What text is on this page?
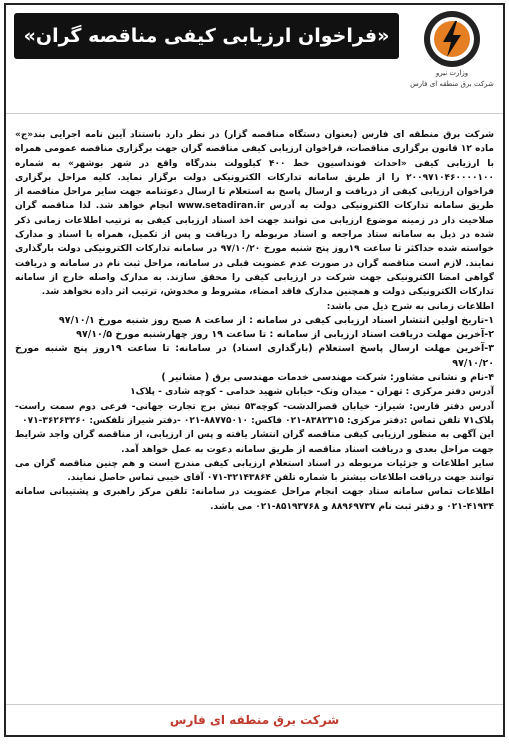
«فراخوان ارزیابی کیفی مناقصه گران»
وزارت نیرو
شرکت برق منطقه ای فارس

شرکت برق منطقه ای فارس (بعنوان دستگاه مناقصه گزار) در نظر دارد باستناد آیین نامه اجرایی بند«ج» ماده ۱۲ قانون برگزاری مناقصات، فراخوان ارزیابی کیفی مناقصه گران جهت برگزاری مناقصه عمومی همراه با ارزیابی کیفی «احداث فونداسیون خط ۴۰۰ کیلوولت بندرگاه واقع در شهر بوشهر» به شماره ۲۰۰۹۷۱۰۴۶۰۰۰۰۱۰۰ را از طریق سامانه تدارکات الکترونیکی دولت برگزار نماید. کلیه مراحل برگزاری فراخوان ارزیابی کیفی از دریافت و ارسال پاسخ به استعلام تا ارسال دعوتنامه جهت سایر مراحل مناقصه از طریق سامانه تدارکات الکترونیکی دولت به آدرس www.setadiran.ir انجام خواهد شد. لذا مناقصه گران صلاحیت دار در زمینه موضوع ارزیابی می توانند جهت اخذ اسناد ارزیابی کیفی به ترتیب اطلاعات زمانی ذکر شده در ذیل به سامانه ستاد مراجعه و اسناد مربوطه را دریافت و پس از تکمیل، همراه با اسناد و مدارک خواسته شده حداکثر تا ساعت ۱۹روز پنج شنبه مورخ ۹۷/۱۰/۲۰ در سامانه تدارکات الکترونیکی دولت بارگذاری نمایند. لازم است مناقصه گران در صورت عدم عضویت قبلی در سامانه، مراحل ثبت نام در سامانه و دریافت گواهی امضا الکترونیکی جهت شرکت در ارزیابی کیفی را محقق سازند. به مدارک واصله خارج از سامانه تدارکات الکترونیکی دولت و همچنین مدارک فاقد امضاء، مشروط و مخدوش، ترتیب اثر داده نخواهد شد.

اطلاعات زمانی به شرح ذیل می باشد:

۱-تاریخ اولین انتشار اسناد ارزیابی کیفی در سامانه : از ساعت ۸ صبح روز شنبه مورخ ۹۷/۱۰/۱

۲-آخرین مهلت دریافت اسناد ارزیابی از سامانه : تا ساعت ۱۹ روز چهارشنبه مورخ ۹۷/۱۰/۵

۳-آخرین مهلت ارسال پاسخ استعلام (بارگذاری اسناد) در سامانه: تا ساعت ۱۹روز پنج شنبه مورخ ۹۷/۱۰/۲۰

۴-نام و نشانی مشاور: شرکت مهندسی خدمات مهندسی برق ( مشانیر )

آدرس دفتر مرکزی : تهران - میدان ونک- خیابان شهید خدامی - کوچه شادی - پلاک۱

آدرس دفتر فارس: شیراز- خیابان قصرالدشت- کوچه۵۳ نبش برج تجارت جهانی- فرعی دوم سمت راست- پلاک۷۱ تلفن تماس :دفتر مرکزی: ۸۳۸۲۳۱۵-۰۲۱ فاکس: ۸۸۷۷۵۰۱۰-۰۲۱ -دفتر شیراز تلفکس: ۳۶۲۶۳۲۶۰-۰۷۱

این آگهی به منظور ارزیابی کیفی مناقصه گران انتشار یافته و پس از ارزیابی، از مناقصه گران واجد شرایط جهت مراحل بعدی و دریافت اسناد مناقصه از طریق سامانه دعوت به عمل خواهد آمد.

سایر اطلاعات و جزئیات مربوطه در اسناد استعلام ارزیابی کیفی مندرج است و هم چنین مناقصه گران می توانند جهت دریافت اطلاعات بیشتر با شماره تلفن ۳۲۱۴۳۸۶۴-۰۷۱ آقای خیبی تماس حاصل نمایند.

اطلاعات تماس سامانه ستاد جهت انجام مراحل عضویت در سامانه: تلفن مرکز راهبری و پشتیبانی سامانه ۴۱۹۳۴-۰۲۱ و دفتر ثبت نام ۸۸۹۶۹۷۳۷ و ۸۵۱۹۳۷۶۸-۰۲۱ می باشد.

شرکت برق منطقه ای فارس
